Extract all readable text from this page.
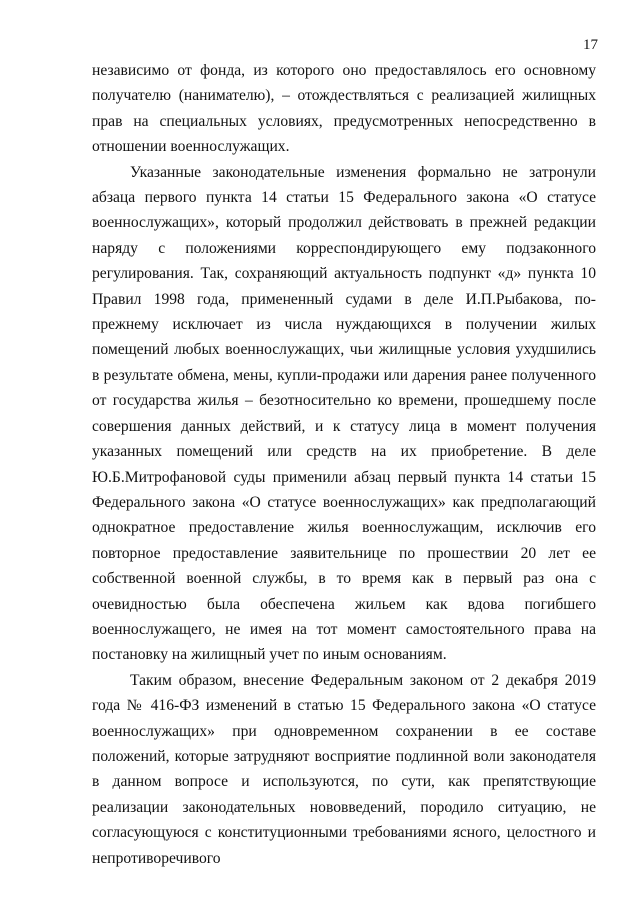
17

независимо от фонда, из которого оно предоставлялось его основному получателю (нанимателю), – отождествляться с реализацией жилищных прав на специальных условиях, предусмотренных непосредственно в отношении военнослужащих.

Указанные законодательные изменения формально не затронули абзаца первого пункта 14 статьи 15 Федерального закона «О статусе военнослужащих», который продолжил действовать в прежней редакции наряду с положениями корреспондирующего ему подзаконного регулирования. Так, сохраняющий актуальность подпункт «д» пункта 10 Правил 1998 года, примененный судами в деле И.П.Рыбакова, по-прежнему исключает из числа нуждающихся в получении жилых помещений любых военнослужащих, чьи жилищные условия ухудшились в результате обмена, мены, купли-продажи или дарения ранее полученного от государства жилья – безотносительно ко времени, прошедшему после совершения данных действий, и к статусу лица в момент получения указанных помещений или средств на их приобретение. В деле Ю.Б.Митрофановой суды применили абзац первый пункта 14 статьи 15 Федерального закона «О статусе военнослужащих» как предполагающий однократное предоставление жилья военнослужащим, исключив его повторное предоставление заявительнице по прошествии 20 лет ее собственной военной службы, в то время как в первый раз она с очевидностью была обеспечена жильем как вдова погибшего военнослужащего, не имея на тот момент самостоятельного права на постановку на жилищный учет по иным основаниям.

Таким образом, внесение Федеральным законом от 2 декабря 2019 года № 416-ФЗ изменений в статью 15 Федерального закона «О статусе военнослужащих» при одновременном сохранении в ее составе положений, которые затрудняют восприятие подлинной воли законодателя в данном вопросе и используются, по сути, как препятствующие реализации законодательных нововведений, породило ситуацию, не согласующуюся с конституционными требованиями ясного, целостного и непротиворечивого
